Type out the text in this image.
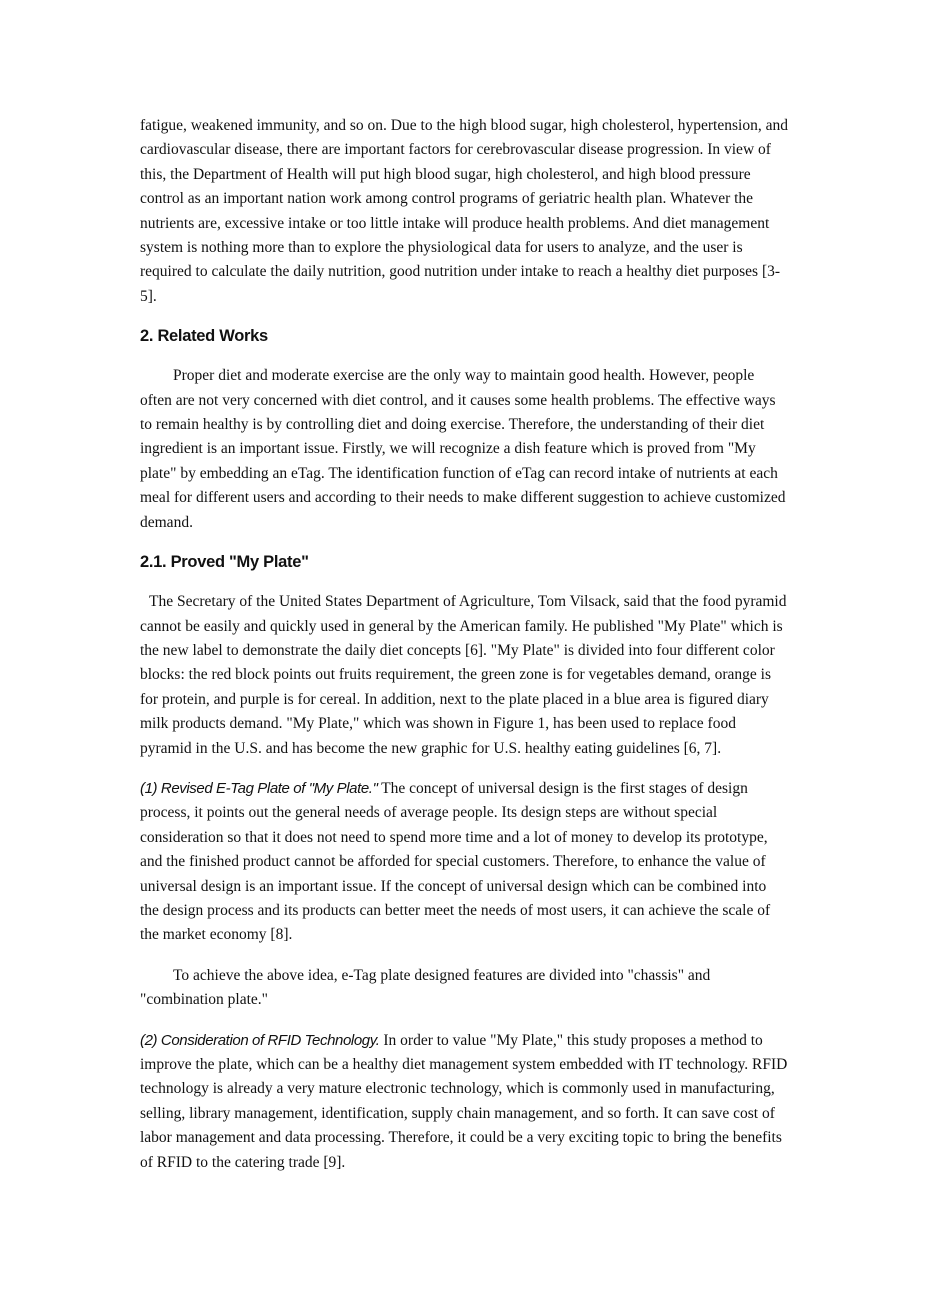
fatigue, weakened immunity, and so on. Due to the high blood sugar, high cholesterol, hypertension, and cardiovascular disease, there are important factors for cerebrovascular disease progression. In view of this, the Department of Health will put high blood sugar, high cholesterol, and high blood pressure control as an important nation work among control programs of geriatric health plan. Whatever the nutrients are, excessive intake or too little intake will produce health problems. And diet management system is nothing more than to explore the physiological data for users to analyze, and the user is required to calculate the daily nutrition, good nutrition under intake to reach a healthy diet purposes [3-5].

2. Related Works

Proper diet and moderate exercise are the only way to maintain good health. However, people often are not very concerned with diet control, and it causes some health problems. The effective ways to remain healthy is by controlling diet and doing exercise. Therefore, the understanding of their diet ingredient is an important issue. Firstly, we will recognize a dish feature which is proved from "My plate" by embedding an eTag. The identification function of eTag can record intake of nutrients at each meal for different users and according to their needs to make different suggestion to achieve customized demand.

2.1. Proved "My Plate"

The Secretary of the United States Department of Agriculture, Tom Vilsack, said that the food pyramid cannot be easily and quickly used in general by the American family. He published "My Plate" which is the new label to demonstrate the daily diet concepts [6]. "My Plate" is divided into four different color blocks: the red block points out fruits requirement, the green zone is for vegetables demand, orange is for protein, and purple is for cereal. In addition, next to the plate placed in a blue area is figured diary milk products demand. "My Plate," which was shown in Figure 1, has been used to replace food pyramid in the U.S. and has become the new graphic for U.S. healthy eating guidelines [6, 7].

(1) Revised E-Tag Plate of "My Plate." The concept of universal design is the first stages of design process, it points out the general needs of average people. Its design steps are without special consideration so that it does not need to spend more time and a lot of money to develop its prototype, and the finished product cannot be afforded for special customers. Therefore, to enhance the value of universal design is an important issue. If the concept of universal design which can be combined into the design process and its products can better meet the needs of most users, it can achieve the scale of the market economy [8].

To achieve the above idea, e-Tag plate designed features are divided into "chassis" and "combination plate."

(2) Consideration of RFID Technology. In order to value "My Plate," this study proposes a method to improve the plate, which can be a healthy diet management system embedded with IT technology. RFID technology is already a very mature electronic technology, which is commonly used in manufacturing, selling, library management, identification, supply chain management, and so forth. It can save cost of labor management and data processing. Therefore, it could be a very exciting topic to bring the benefits of RFID to the catering trade [9].
